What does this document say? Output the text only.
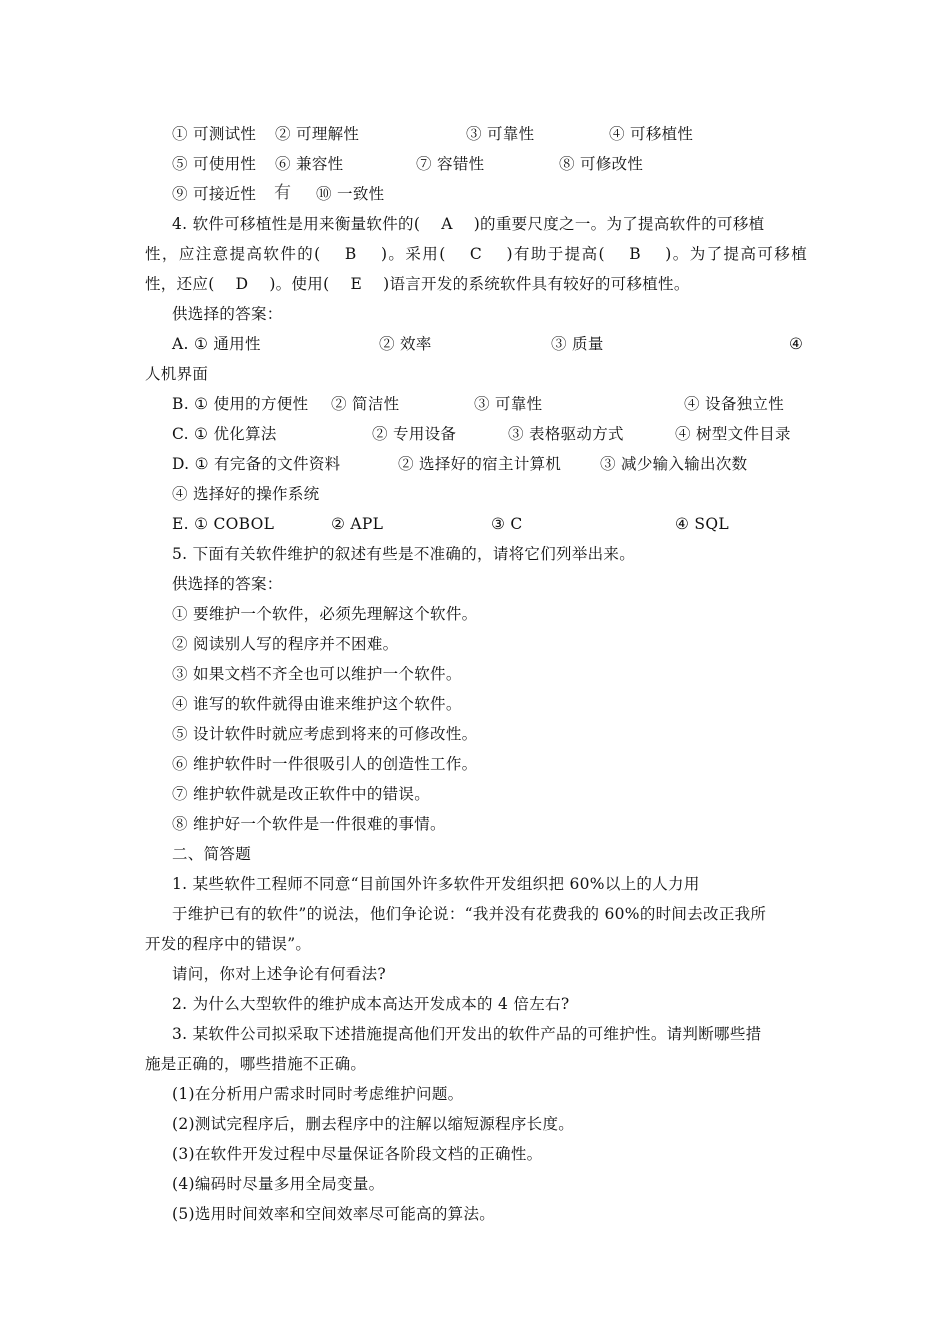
① 可测试性 ② 可理解性	③ 可靠性	④ 可移植性
⑤ 可使用性 ⑥ 兼容性	⑦ 容错性	⑧ 可修改性
⑨ 可接近性 有 ⑩ 一致性
4. 软件可移植性是用来衡量软件的(　 A　 )的重要尺度之一。为了提高软件的可移植
性，应注意提高软件的(　 B　 )。采用(　 C　 )有助于提高(　 B　 )。为了提高可移植
性，还应(　 D　 )。使用(　 E　 )语言开发的系统软件具有较好的可移植性。
供选择的答案：
A. ① 通用性	② 效率	③ 质量	④
人机界面
B. ① 使用的方便性 ② 简洁性	③ 可靠性	④ 设备独立性
C. ① 优化算法	② 专用设备	③ 表格驱动方式	④ 树型文件目录
D. ① 有完备的文件资料	② 选择好的宿主计算机	③ 减少输入输出次数
④ 选择好的操作系统
E. ① COBOL	② APL	③ C	④ SQL
5. 下面有关软件维护的叙述有些是不准确的，请将它们列举出来。
供选择的答案：
① 要维护一个软件，必须先理解这个软件。
② 阅读别人写的程序并不困难。
③ 如果文档不齐全也可以维护一个软件。
④ 谁写的软件就得由谁来维护这个软件。
⑤ 设计软件时就应考虑到将来的可修改性。
⑥ 维护软件时一件很吸引人的创造性工作。
⑦ 维护软件就是改正软件中的错误。
⑧ 维护好一个软件是一件很难的事情。
二、简答题
1. 某些软件工程师不同意“目前国外许多软件开发组织把 60%以上的人力用
于维护已有的软件”的说法，他们争论说：“我并没有花费我的 60%的时间去改正我所
开发的程序中的错误”。
请问，你对上述争论有何看法?
2. 为什么大型软件的维护成本高达开发成本的 4 倍左右?
3. 某软件公司拟采取下述措施提高他们开发出的软件产品的可维护性。请判断哪些措
施是正确的，哪些措施不正确。
(1)在分析用户需求时同时考虑维护问题。
(2)测试完程序后，删去程序中的注解以缩短源程序长度。
(3)在软件开发过程中尽量保证各阶段文档的正确性。
(4)编码时尽量多用全局变量。
(5)选用时间效率和空间效率尽可能高的算法。
